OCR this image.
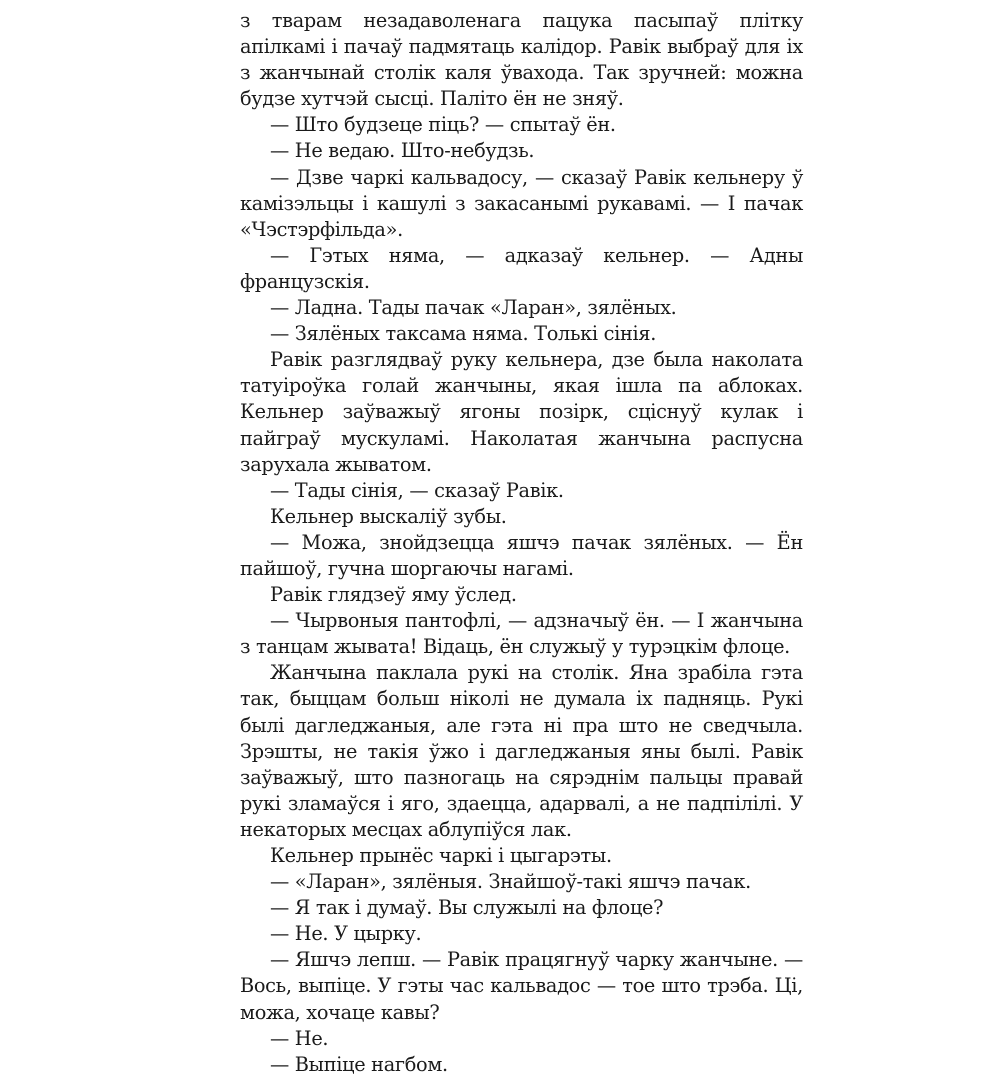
з тварам незадаволенага пацука пасыпаў плітку апілкамі і пачаў падмятаць калідор. Равік выбраў для іх з жанчынай столік каля ўвахода. Так зручней: можна будзе хутчэй сысці. Паліто ён не зняў.

— Што будзеце піць? — спытаў ён.

— Не ведаю. Што-небудзь.

— Дзве чаркі кальвадосу, — сказаў Равік кельнеру ў камізэльцы і кашулі з закасанымі рукавамі. — І пачак «Чэстэрфільда».

— Гэтых няма, — адказаў кельнер. — Адны французскія.

— Ладна. Тады пачак «Ларан», зялёных.

— Зялёных таксама няма. Толькі сінія.

Равік разглядваў руку кельнера, дзе была наколата татуіроўка голай жанчыны, якая ішла па аблоках. Кельнер заўважыў ягоны позірк, сціснуў кулак і пайграў мускуламі. Наколатая жанчына распусна зарухала жыватом.

— Тады сінія, — сказаў Равік.

Кельнер выскаліў зубы.

— Можа, знойдзецца яшчэ пачак зялёных. — Ён пайшоў, гучна шоргаючы нагамі.

Равік глядзеў яму ўслед.

— Чырвоныя пантофлі, — адзначыў ён. — І жанчына з танцам жывата! Відаць, ён служыў у турэцкім флоце.

Жанчына паклала рукі на столік. Яна зрабіла гэта так, быццам больш ніколі не думала іх падняць. Рукі былі дагледжаныя, але гэта ні пра што не сведчыла. Зрэшты, не такія ўжо і дагледжаныя яны былі. Равік заўважыў, што пазногаць на сярэднім пальцы правай рукі зламаўся і яго, здаецца, адарвалі, а не падпілілі. У некаторых месцах аблупіўся лак.

Кельнер прынёс чаркі і цыгарэты.

— «Ларан», зялёныя. Знайшоў-такі яшчэ пачак.

— Я так і думаў. Вы служылі на флоце?

— Не. У цырку.

— Яшчэ лепш. — Равік працягнуў чарку жанчыне. — Вось, выпіце. У гэты час кальвадос — тое што трэба. Ці, можа, хочаце кавы?

— Не.

— Выпіце нагбом.
